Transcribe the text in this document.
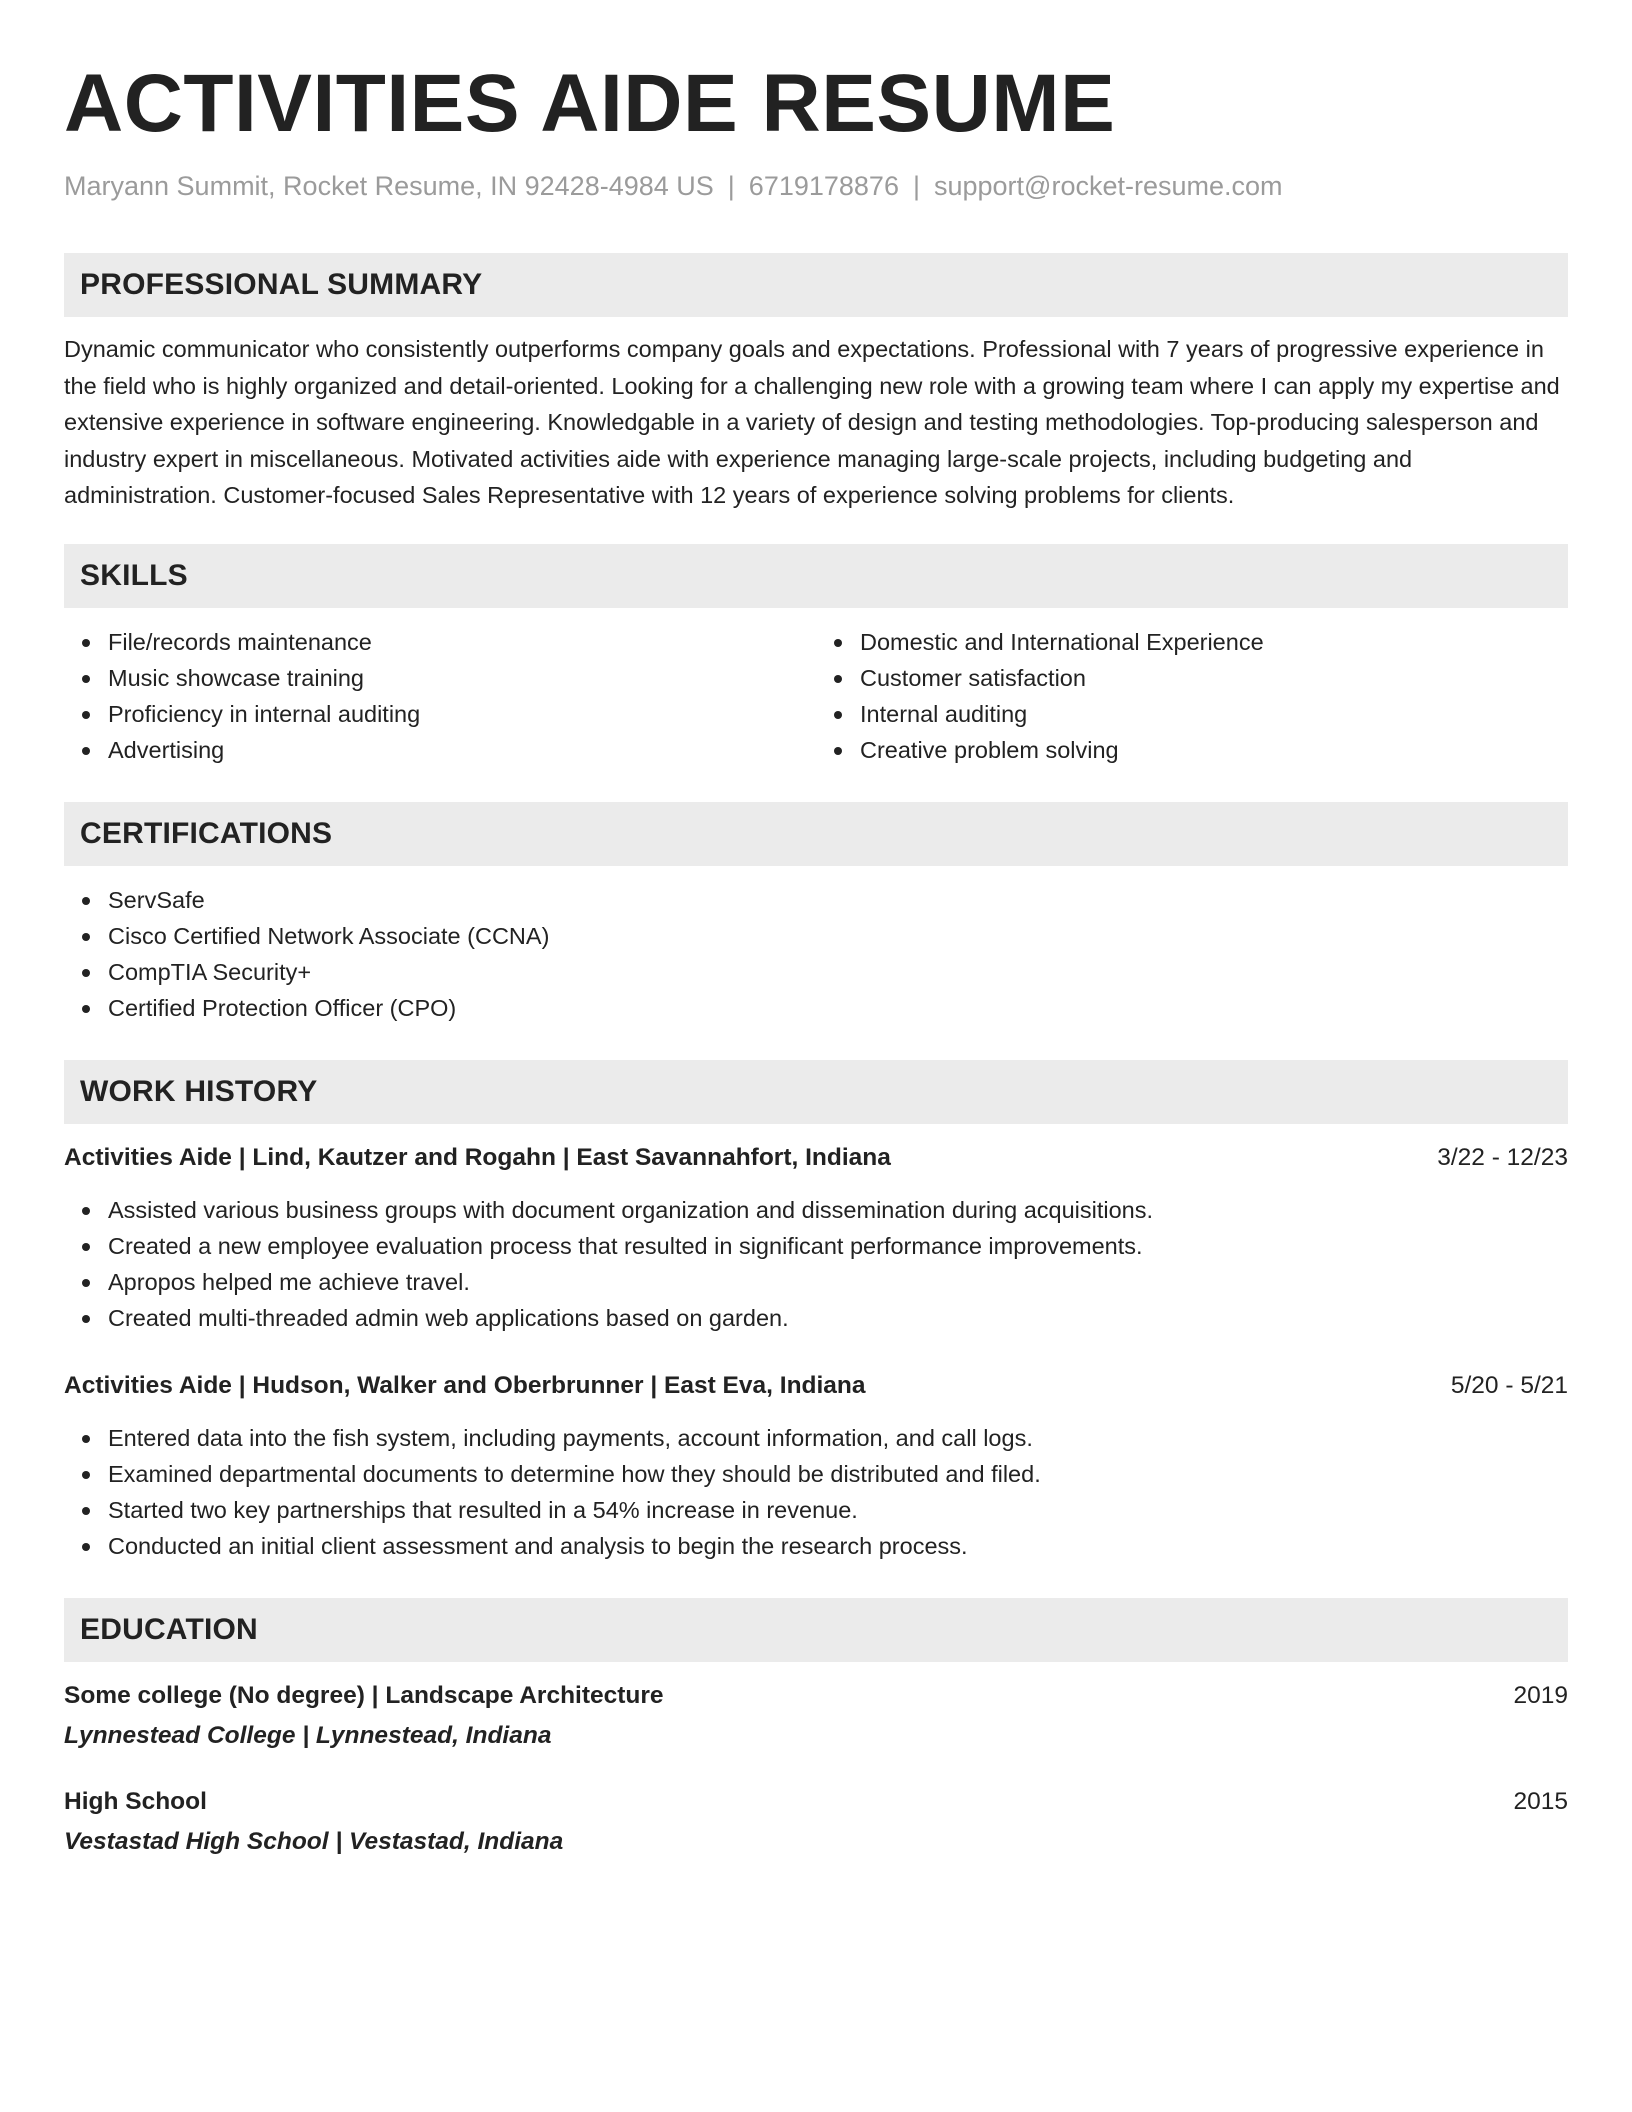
ACTIVITIES AIDE RESUME
Maryann Summit, Rocket Resume, IN 92428-4984 US | 6719178876 | support@rocket-resume.com
PROFESSIONAL SUMMARY

Dynamic communicator who consistently outperforms company goals and expectations. Professional with 7 years of progressive experience in the field who is highly organized and detail-oriented. Looking for a challenging new role with a growing team where I can apply my expertise and extensive experience in software engineering. Knowledgable in a variety of design and testing methodologies. Top-producing salesperson and industry expert in miscellaneous. Motivated activities aide with experience managing large-scale projects, including budgeting and administration. Customer-focused Sales Representative with 12 years of experience solving problems for clients.

SKILLS
File/records maintenance
Music showcase training
Proficiency in internal auditing
Advertising
Domestic and International Experience
Customer satisfaction
Internal auditing
Creative problem solving
CERTIFICATIONS
ServSafe
Cisco Certified Network Associate (CCNA)
CompTIA Security+
Certified Protection Officer (CPO)
WORK HISTORY
Activities Aide | Lind, Kautzer and Rogahn | East Savannahfort, Indiana	3/22 - 12/23
Assisted various business groups with document organization and dissemination during acquisitions.
Created a new employee evaluation process that resulted in significant performance improvements.
Apropos helped me achieve travel.
Created multi-threaded admin web applications based on garden.
Activities Aide | Hudson, Walker and Oberbrunner | East Eva, Indiana	5/20 - 5/21
Entered data into the fish system, including payments, account information, and call logs.
Examined departmental documents to determine how they should be distributed and filed.
Started two key partnerships that resulted in a 54% increase in revenue.
Conducted an initial client assessment and analysis to begin the research process.
EDUCATION
Some college (No degree) | Landscape Architecture	2019
Lynnestead College | Lynnestead, Indiana
High School	2015
Vestastad High School | Vestastad, Indiana
